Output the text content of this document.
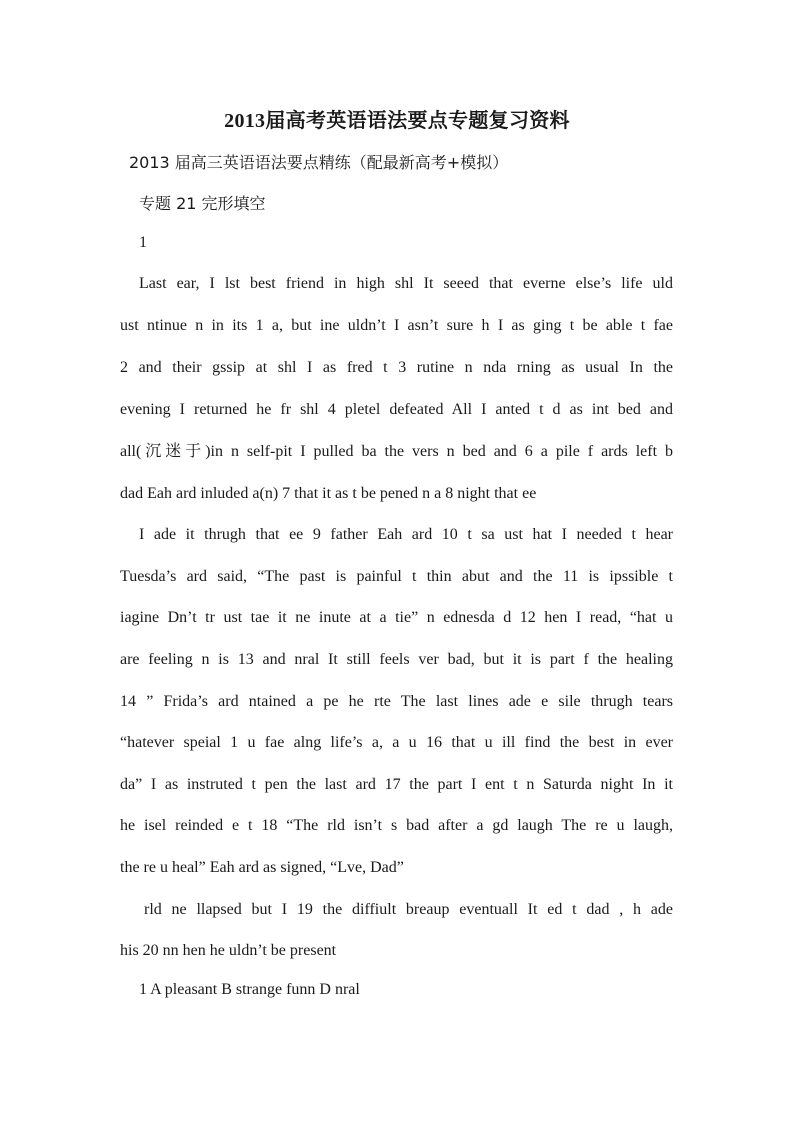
2013届高考英语语法要点专题复习资料
2013 届高三英语语法要点精练（配最新高考+模拟）
专题 21 完形填空
1
Last ear, I lst best friend in high shl It seeed that everne else’s life uld
ust ntinue n in its 1 a, but ine uldn’t I asn’t sure h I as ging t be able t fae
2 and their gssip at shl I as fred t 3 rutine n nda rning as usual In the
evening I returned he fr shl 4 pletel defeated All I anted t d as int bed and
all(沉迷于)in n self-pit I pulled ba the vers n bed and 6 a pile f ards left b
dad Eah ard inluded a(n) 7 that it as t be pened n a 8 night that ee
I ade it thrugh that ee 9 father Eah ard 10 t sa ust hat I needed t hear
Tuesda’s ard said, “The past is painful t thin abut and the 11 is ipssible t
iagine Dn’t tr ust tae it ne inute at a tie” n ednesda d 12 hen I read, “hat u
are feeling n is 13 and nral It still feels ver bad, but it is part f the healing
14 ” Frida’s ard ntained a pe he rte The last lines ade e sile thrugh tears
“hatever speial 1 u fae alng life’s a, a u 16 that u ill find the best in ever
da” I as instruted t pen the last ard 17 the part I ent t n Saturda night In it
he isel reinded e t 18 “The rld isn’t s bad after a gd laugh The re u laugh,
the re u heal” Eah ard as signed, “Lve, Dad”
rld ne llapsed but I 19 the diffiult breaup eventuall It ed t dad , h ade
his 20 nn hen he uldn’t be present
1 A pleasant B strange funn D nral
